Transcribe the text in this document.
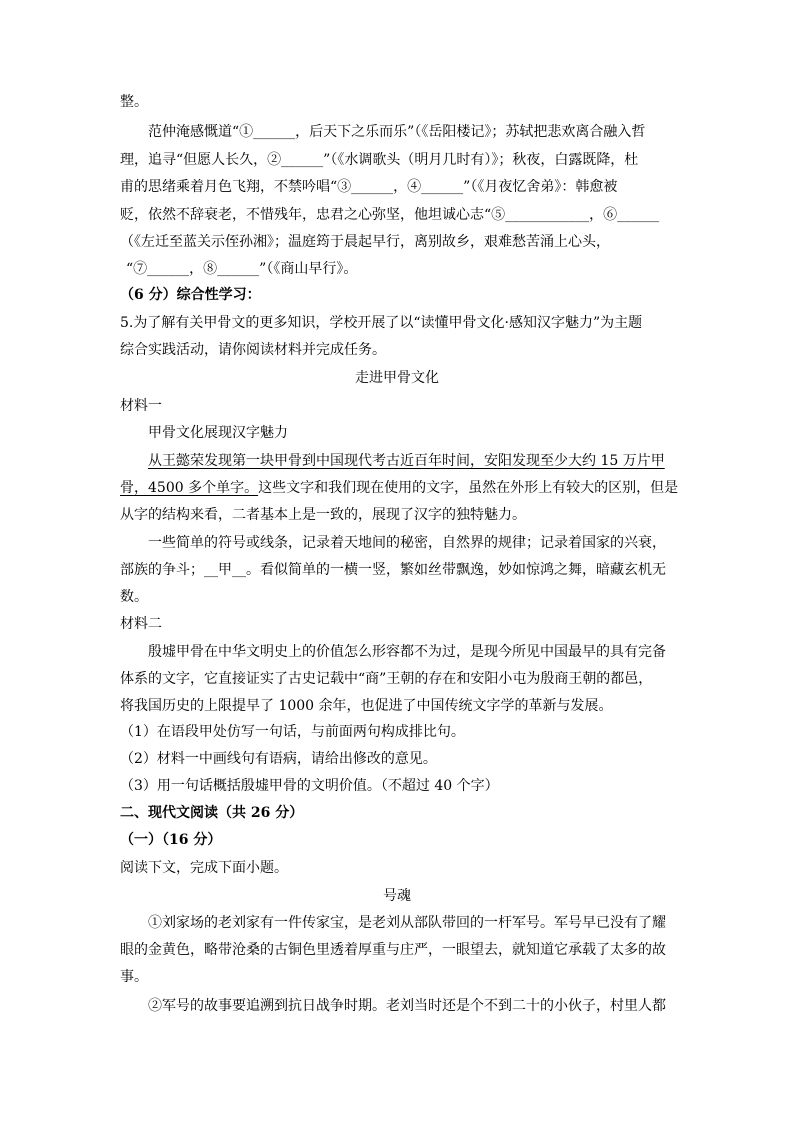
整。
范仲淹感慨道“①______，后天下之乐而乐”（《岳阳楼记》；苏轼把悲欢离合融入哲
理，追寻“但愿人长久，②______”（《水调歌头（明月几时有）》；秋夜，白露既降，杜
甫的思绪乘着月色飞翔，不禁吟唱“③______，④______”（《月夜忆舍弟》：韩愈被
贬，依然不辞衰老，不惜残年，忠君之心弥坚，他坦诚心志“⑤____________，⑥______
（《左迁至蓝关示侄孙湘》；温庭筠于晨起早行，离别故乡，艰难愁苦涌上心头，
“⑦______，⑧______”（《商山早行》。
（6 分）综合性学习：
5.为了解有关甲骨文的更多知识，学校开展了以“读懂甲骨文化·感知汉字魅力”为主题
综合实践活动，请你阅读材料并完成任务。
走进甲骨文化
材料一
甲骨文化展现汉字魅力
从王懿荣发现第一块甲骨到中国现代考古近百年时间，安阳发现至少大约 15 万片甲
骨，4500 多个单字。这些文字和我们现在使用的文字，虽然在外形上有较大的区别，但是
从字的结构来看，二者基本上是一致的，展现了汉字的独特魅力。
一些简单的符号或线条，记录着天地间的秘密，自然界的规律；记录着国家的兴衰，
部族的争斗；__甲__。看似简单的一横一竖，繁如丝带飘逸，妙如惊鸿之舞，暗藏玄机无
数。
材料二
殷墟甲骨在中华文明史上的价值怎么形容都不为过，是现今所见中国最早的具有完备
体系的文字，它直接证实了古史记载中“商”王朝的存在和安阳小屯为殷商王朝的都邑，
将我国历史的上限提早了 1000 余年，也促进了中国传统文字学的革新与发展。
（1）在语段甲处仿写一句话，与前面两句构成排比句。
（2）材料一中画线句有语病，请给出修改的意见。
（3）用一句话概括殷墟甲骨的文明价值。（不超过 40 个字）
二、现代文阅读（共 26 分）
（一）（16 分）
阅读下文，完成下面小题。
号魂
①刘家场的老刘家有一件传家宝，是老刘从部队带回的一杆军号。军号早已没有了耀
眼的金黄色，略带沧桑的古铜色里透着厚重与庄严，一眼望去，就知道它承载了太多的故
事。
②军号的故事要追溯到抗日战争时期。老刘当时还是个不到二十的小伙子，村里人都
